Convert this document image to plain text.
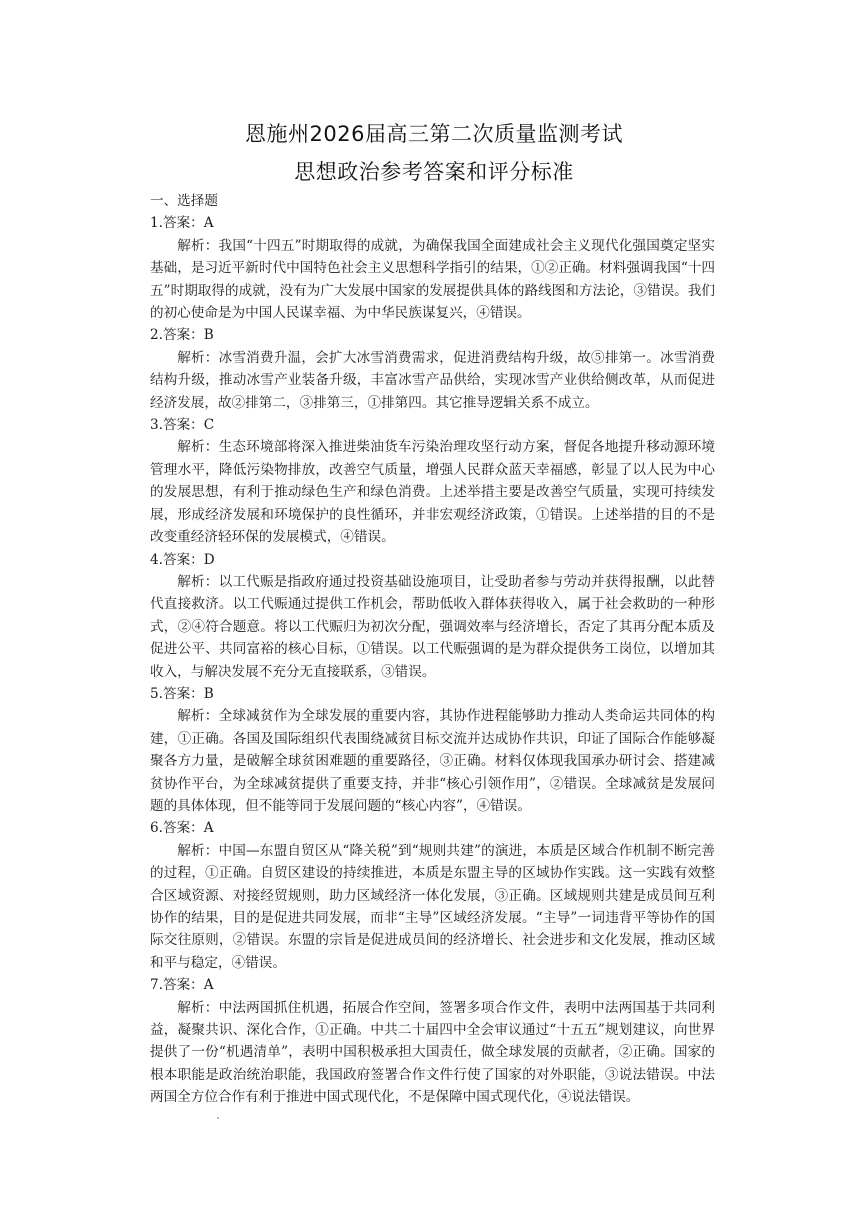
恩施州2026届高三第二次质量监测考试
思想政治参考答案和评分标准

一、选择题

1.答案：A

解析：我国“十四五”时期取得的成就，为确保我国全面建成社会主义现代化强国奠定坚实基础，是习近平新时代中国特色社会主义思想科学指引的结果，①②正确。材料强调我国“十四五”时期取得的成就，没有为广大发展中国家的发展提供具体的路线图和方法论，③错误。我们的初心使命是为中国人民谋幸福、为中华民族谋复兴，④错误。

2.答案：B

解析：冰雪消费升温，会扩大冰雪消费需求，促进消费结构升级，故⑤排第一。冰雪消费结构升级，推动冰雪产业装备升级，丰富冰雪产品供给，实现冰雪产业供给侧改革，从而促进经济发展，故②排第二，③排第三，①排第四。其它推导逻辑关系不成立。

3.答案：C

解析：生态环境部将深入推进柴油货车污染治理攻坚行动方案，督促各地提升移动源环境管理水平，降低污染物排放，改善空气质量，增强人民群众蓝天幸福感，彰显了以人民为中心的发展思想，有利于推动绿色生产和绿色消费。上述举措主要是改善空气质量，实现可持续发展，形成经济发展和环境保护的良性循环，并非宏观经济政策，①错误。上述举措的目的不是改变重经济轻环保的发展模式，④错误。

4.答案：D

解析：以工代赈是指政府通过投资基础设施项目，让受助者参与劳动并获得报酬，以此替代直接救济。以工代赈通过提供工作机会，帮助低收入群体获得收入，属于社会救助的一种形式，②④符合题意。将以工代赈归为初次分配，强调效率与经济增长，否定了其再分配本质及促进公平、共同富裕的核心目标，①错误。以工代赈强调的是为群众提供务工岗位，以增加其收入，与解决发展不充分无直接联系，③错误。

5.答案：B

解析：全球减贫作为全球发展的重要内容，其协作进程能够助力推动人类命运共同体的构建，①正确。各国及国际组织代表围绕减贫目标交流并达成协作共识，印证了国际合作能够凝聚各方力量，是破解全球贫困难题的重要路径，③正确。材料仅体现我国承办研讨会、搭建减贫协作平台，为全球减贫提供了重要支持，并非“核心引领作用”，②错误。全球减贫是发展问题的具体体现，但不能等同于发展问题的“核心内容”，④错误。

6.答案：A

解析：中国—东盟自贸区从“降关税”到“规则共建”的演进，本质是区域合作机制不断完善的过程，①正确。自贸区建设的持续推进，本质是东盟主导的区域协作实践。这一实践有效整合区域资源、对接经贸规则，助力区域经济一体化发展，③正确。区域规则共建是成员间互利协作的结果，目的是促进共同发展，而非“主导”区域经济发展。“主导”一词违背平等协作的国际交往原则，②错误。东盟的宗旨是促进成员间的经济增长、社会进步和文化发展，推动区域和平与稳定，④错误。

7.答案：A

解析：中法两国抓住机遇，拓展合作空间，签署多项合作文件，表明中法两国基于共同利益，凝聚共识、深化合作，①正确。中共二十届四中全会审议通过“十五五”规划建议，向世界提供了一份“机遇清单”，表明中国积极承担大国责任，做全球发展的贡献者，②正确。国家的根本职能是政治统治职能，我国政府签署合作文件行使了国家的对外职能，③说法错误。中法两国全方位合作有利于推进中国式现代化，不是保障中国式现代化，④说法错误。
